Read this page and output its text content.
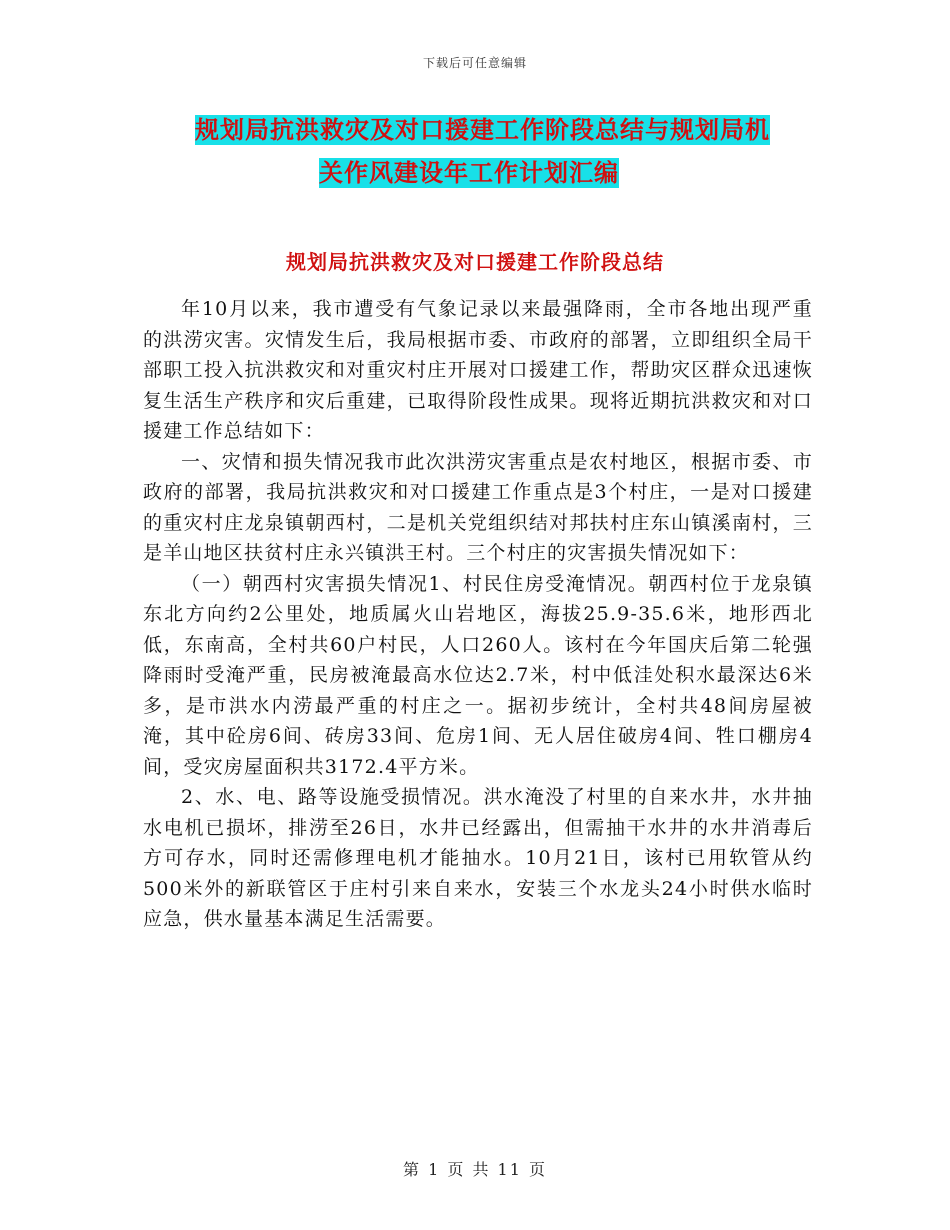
下载后可任意编辑
规划局抗洪救灾及对口援建工作阶段总结与规划局机
关作风建设年工作计划汇编
规划局抗洪救灾及对口援建工作阶段总结

年10月以来，我市遭受有气象记录以来最强降雨，全市各地出现严重的洪涝灾害。灾情发生后，我局根据市委、市政府的部署，立即组织全局干部职工投入抗洪救灾和对重灾村庄开展对口援建工作，帮助灾区群众迅速恢复生活生产秩序和灾后重建，已取得阶段性成果。现将近期抗洪救灾和对口援建工作总结如下：

一、灾情和损失情况我市此次洪涝灾害重点是农村地区，根据市委、市政府的部署，我局抗洪救灾和对口援建工作重点是3个村庄，一是对口援建的重灾村庄龙泉镇朝西村，二是机关党组织结对邦扶村庄东山镇溪南村，三是羊山地区扶贫村庄永兴镇洪王村。三个村庄的灾害损失情况如下：

（一）朝西村灾害损失情况1、村民住房受淹情况。朝西村位于龙泉镇东北方向约2公里处，地质属火山岩地区，海拔25.9-35.6米，地形西北低，东南高，全村共60户村民，人口260人。该村在今年国庆后第二轮强降雨时受淹严重，民房被淹最高水位达2.7米，村中低洼处积水最深达6米多，是市洪水内涝最严重的村庄之一。据初步统计，全村共48间房屋被淹，其中砼房6间、砖房33间、危房1间、无人居住破房4间、牲口棚房4间，受灾房屋面积共3172.4平方米。

2、水、电、路等设施受损情况。洪水淹没了村里的自来水井，水井抽水电机已损坏，排涝至26日，水井已经露出，但需抽干水井的水井消毒后方可存水，同时还需修理电机才能抽水。10月21日，该村已用软管从约500米外的新联管区于庄村引来自来水，安装三个水龙头24小时供水临时应急，供水量基本满足生活需要。

第 1 页 共 11 页
